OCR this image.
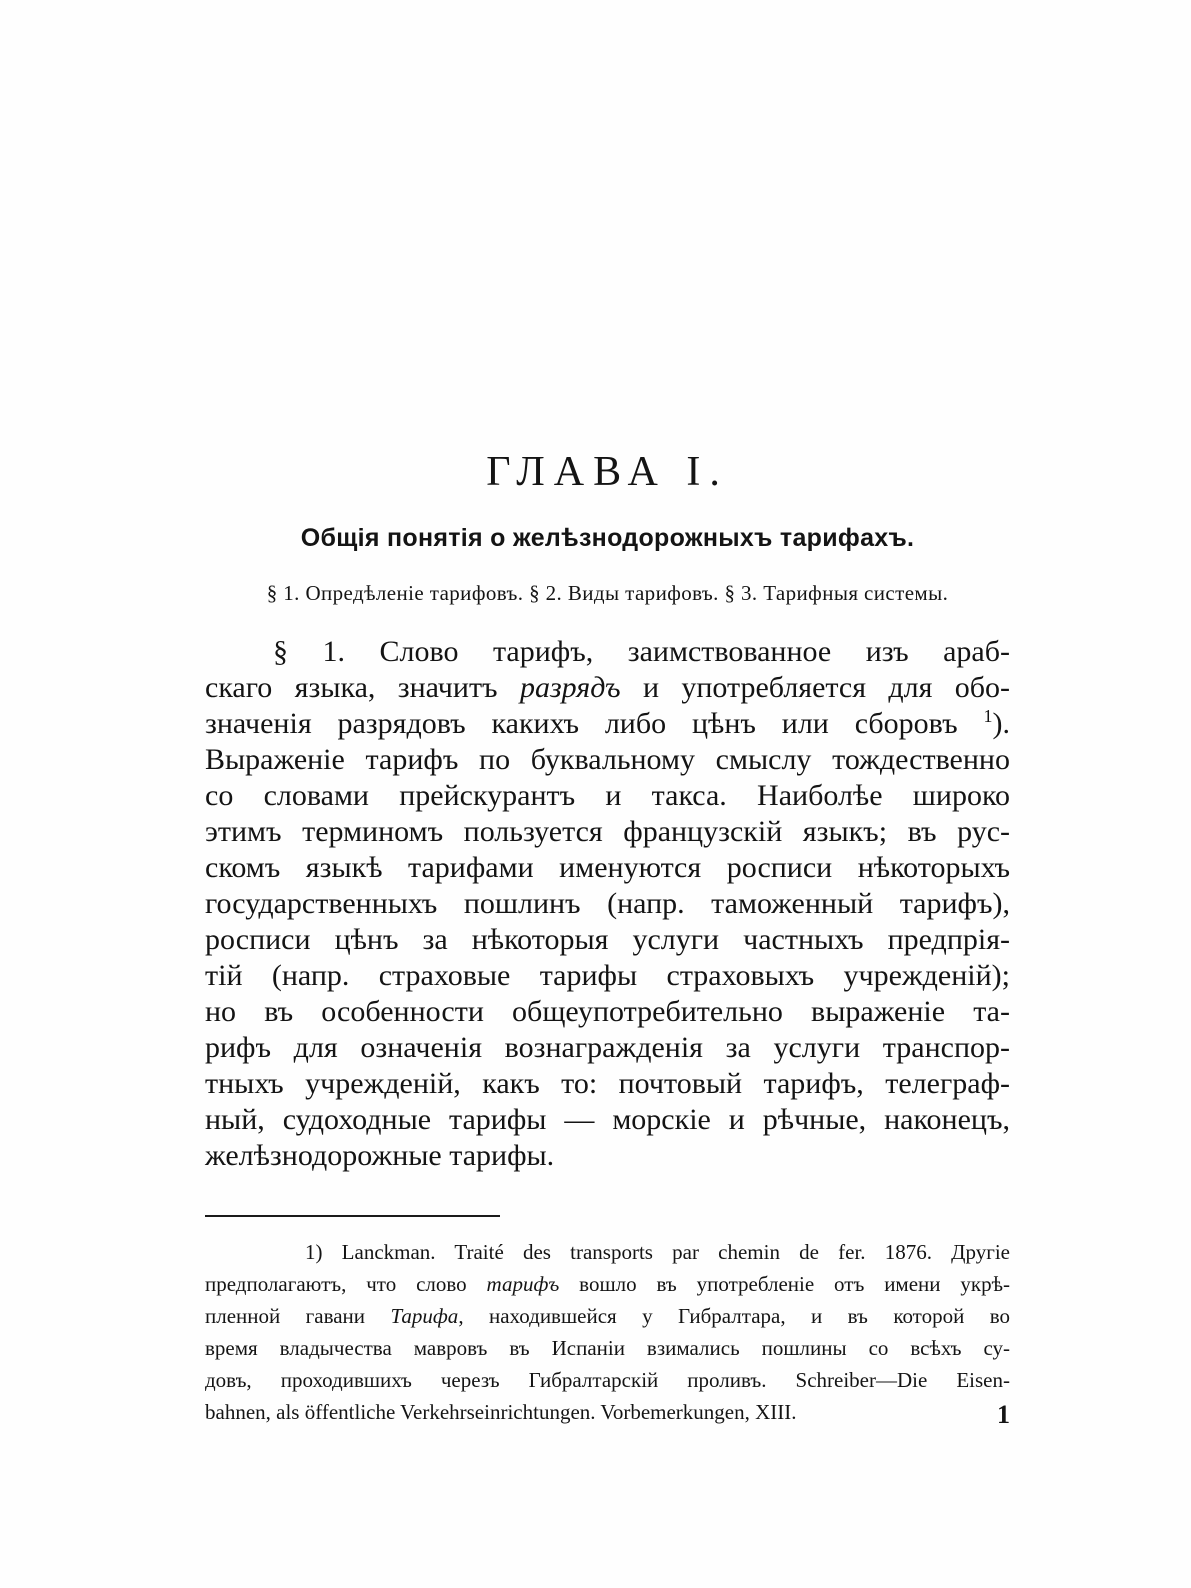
ГЛАВА I.
Общія понятія о желѣзнодорожныхъ тарифахъ.
§ 1. Опредѣленіе тарифовъ. § 2. Виды тарифовъ. § 3. Тарифныя системы.
§ 1. Слово тарифъ, заимствованное изъ араб-
скаго языка, значитъ разрядъ и употребляется для обо-
значенія разрядовъ какихъ либо цѣнъ или сборовъ $^1$).
Выраженіе тарифъ по буквальному смыслу тождественно
со словами прейскурантъ и такса. Наиболѣе широко
этимъ терминомъ пользуется французскій языкъ; въ рус-
скомъ языкѣ тарифами именуются росписи нѣкоторыхъ
государственныхъ пошлинъ (напр. таможенный тарифъ),
росписи цѣнъ за нѣкоторыя услуги частныхъ предпрія-
тій (напр. страховые тарифы страховыхъ учрежденій);
но въ особенности общеупотребительно выраженіе та-
рифъ для означенія вознагражденія за услуги транспор-
тныхъ учрежденій, какъ то: почтовый тарифъ, телеграф-
ный, судоходные тарифы — морскіе и рѣчные, наконецъ,
желѣзнодорожные тарифы.
1) Lanckman. Traité des transports par chemin de fer. 1876. Другіе
предполагаютъ, что слово тарифъ вошло въ употребленіе отъ имени укрѣ-
пленной гавани Тарифа, находившейся у Гибралтара, и въ которой во
время владычества мавровъ въ Испаніи взимались пошлины со всѣхъ су-
довъ, проходившихъ черезъ Гибралтарскій проливъ. Schreiber—Die Eisen-
bahnen, als öffentliche Verkehrseinrichtungen. Vorbemerkungen, XIII.	1
